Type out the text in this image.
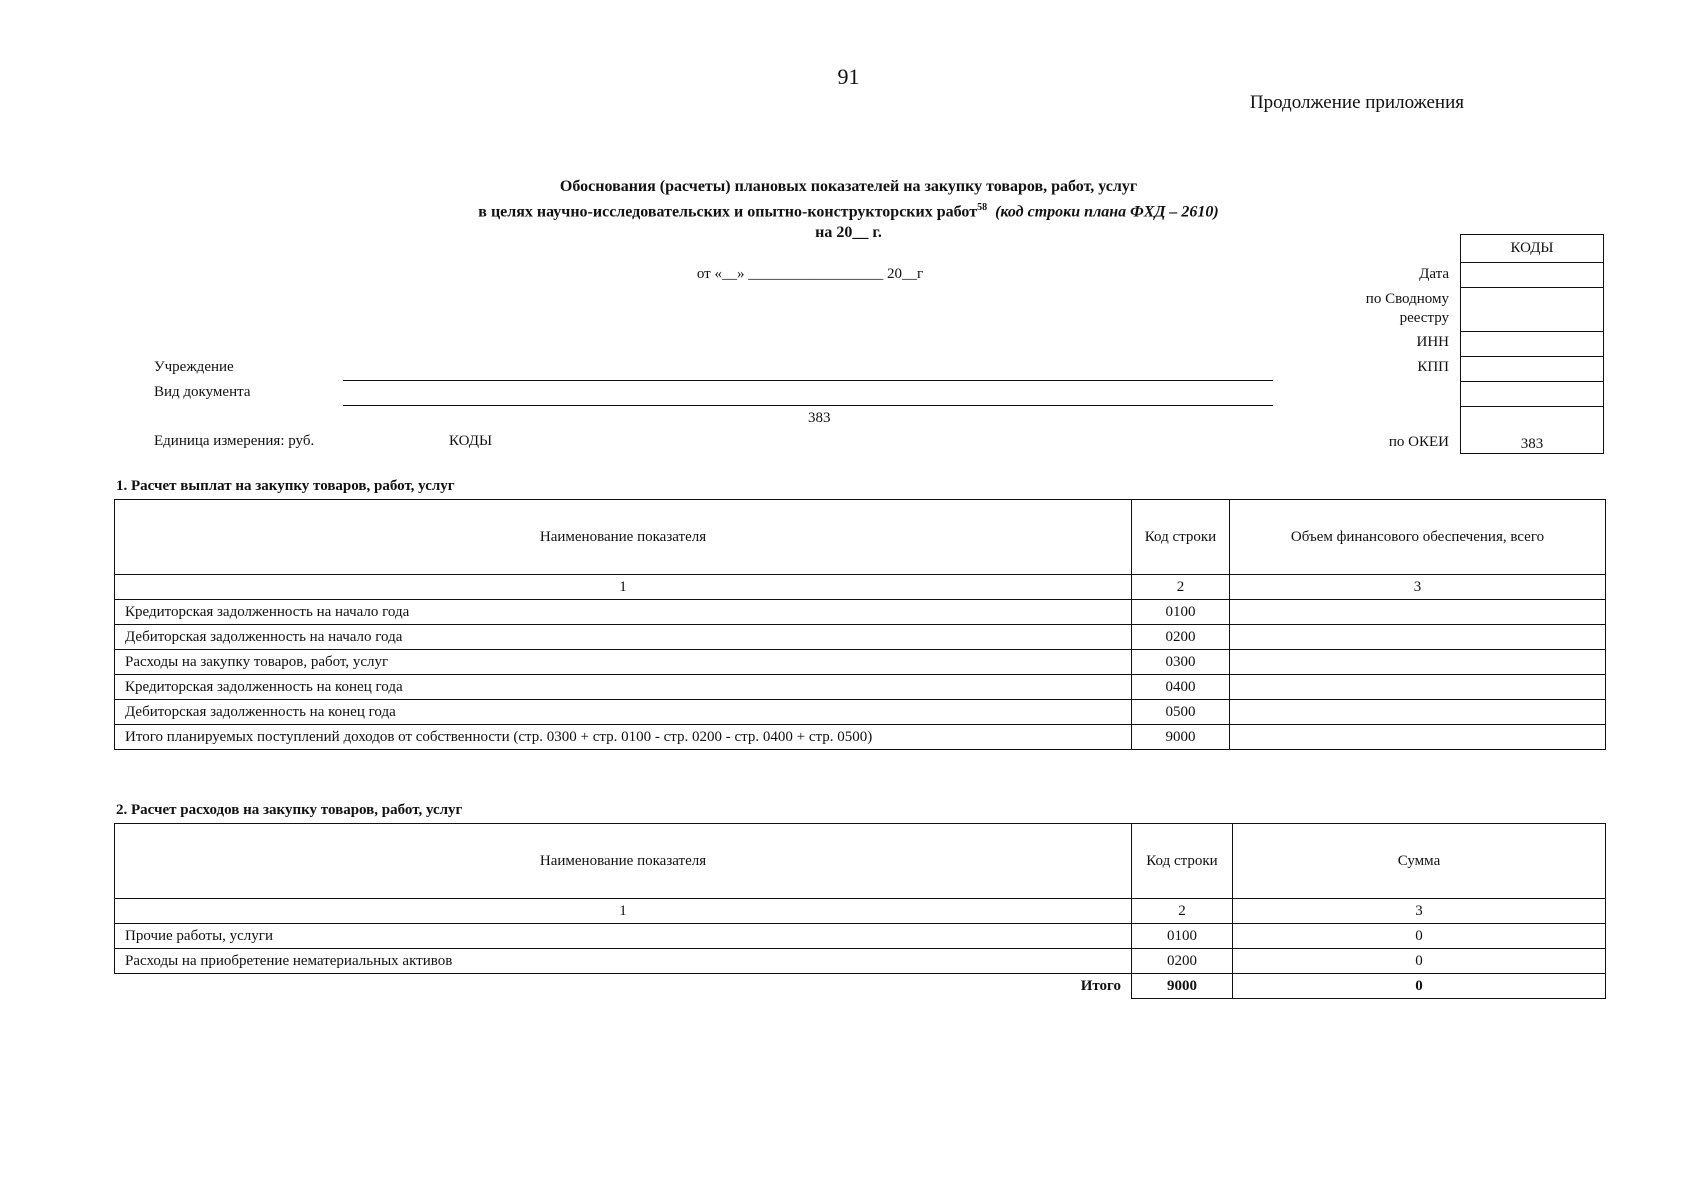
91
Продолжение приложения
Обоснования (расчеты) плановых показателей на закупку товаров, работ, услуг
в целях научно-исследовательских и опытно-конструкторских работ$^{58}$ (код строки плана ФХД – 2610)
на 20__ г.
от «__» __________________ 20__г
КОДЫ

383
Дата
по Сводному реестру
ИНН
КПП
по ОКЕИ
Учреждение
Вид документа
383
Единица измерения: руб.	КОДЫ
1. Расчет выплат на закупку товаров, работ, услуг
Наименование показателя	Код строки	Объем финансового обеспечения, всего
1	2	3
Кредиторская задолженность на начало года	0100	
Дебиторская задолженность на начало года	0200	
Расходы на закупку товаров, работ, услуг	0300	
Кредиторская задолженность на конец года	0400	
Дебиторская задолженность на конец года	0500	
Итого планируемых поступлений доходов от собственности (стр. 0300 + стр. 0100 - стр. 0200 - стр. 0400 + стр. 0500)	9000	
2. Расчет расходов на закупку товаров, работ, услуг
Наименование показателя	Код строки	Сумма
1	2	3
Прочие работы, услуги	0100	0
Расходы на приобретение нематериальных активов	0200	0
Итого	9000	0
